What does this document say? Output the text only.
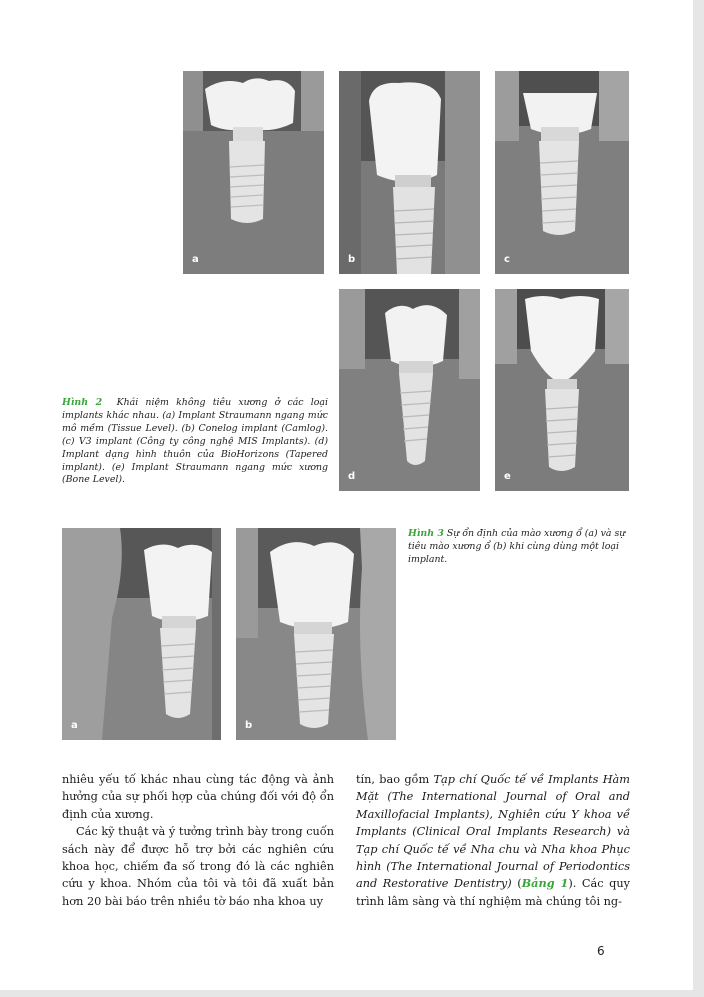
a	b	c
d	e
Hình 2 Khái niệm không tiêu xương ở các loại implants khác nhau. (a) Implant Straumann ngang mức mô mềm (Tissue Level). (b) Conelog implant (Camlog). (c) V3 implant (Công ty công nghệ MIS Implants). (d) Implant dạng hình thuôn của BioHorizons (Tapered implant). (e) Implant Straumann ngang mức xương (Bone Level).
a	b
Hình 3 Sự ổn định của mào xương ổ (a) và sự tiêu mào xương ổ (b) khi cùng dùng một loại implant.

nhiêu yếu tố khác nhau cùng tác động và ảnh hưởng của sự phối hợp của chúng đối với độ ổn định của xương.

Các kỹ thuật và ý tưởng trình bày trong cuốn sách này để được hỗ trợ bởi các nghiên cứu khoa học, chiếm đa số trong đó là các nghiên cứu y khoa. Nhóm của tôi và tôi đã xuất bản hơn 20 bài báo trên nhiều tờ báo nha khoa uy

tín, bao gồm Tạp chí Quốc tế về Implants Hàm Mặt (The International Journal of Oral and Maxillofacial Implants), Nghiên cứu Y khoa về Implants (Clinical Oral Implants Research) và Tạp chí Quốc tế về Nha chu và Nha khoa Phục hình (The International Journal of Periodontics and Restorative Dentistry) (Bảng 1). Các quy trình lâm sàng và thí nghiệm mà chúng tôi ng-

6
